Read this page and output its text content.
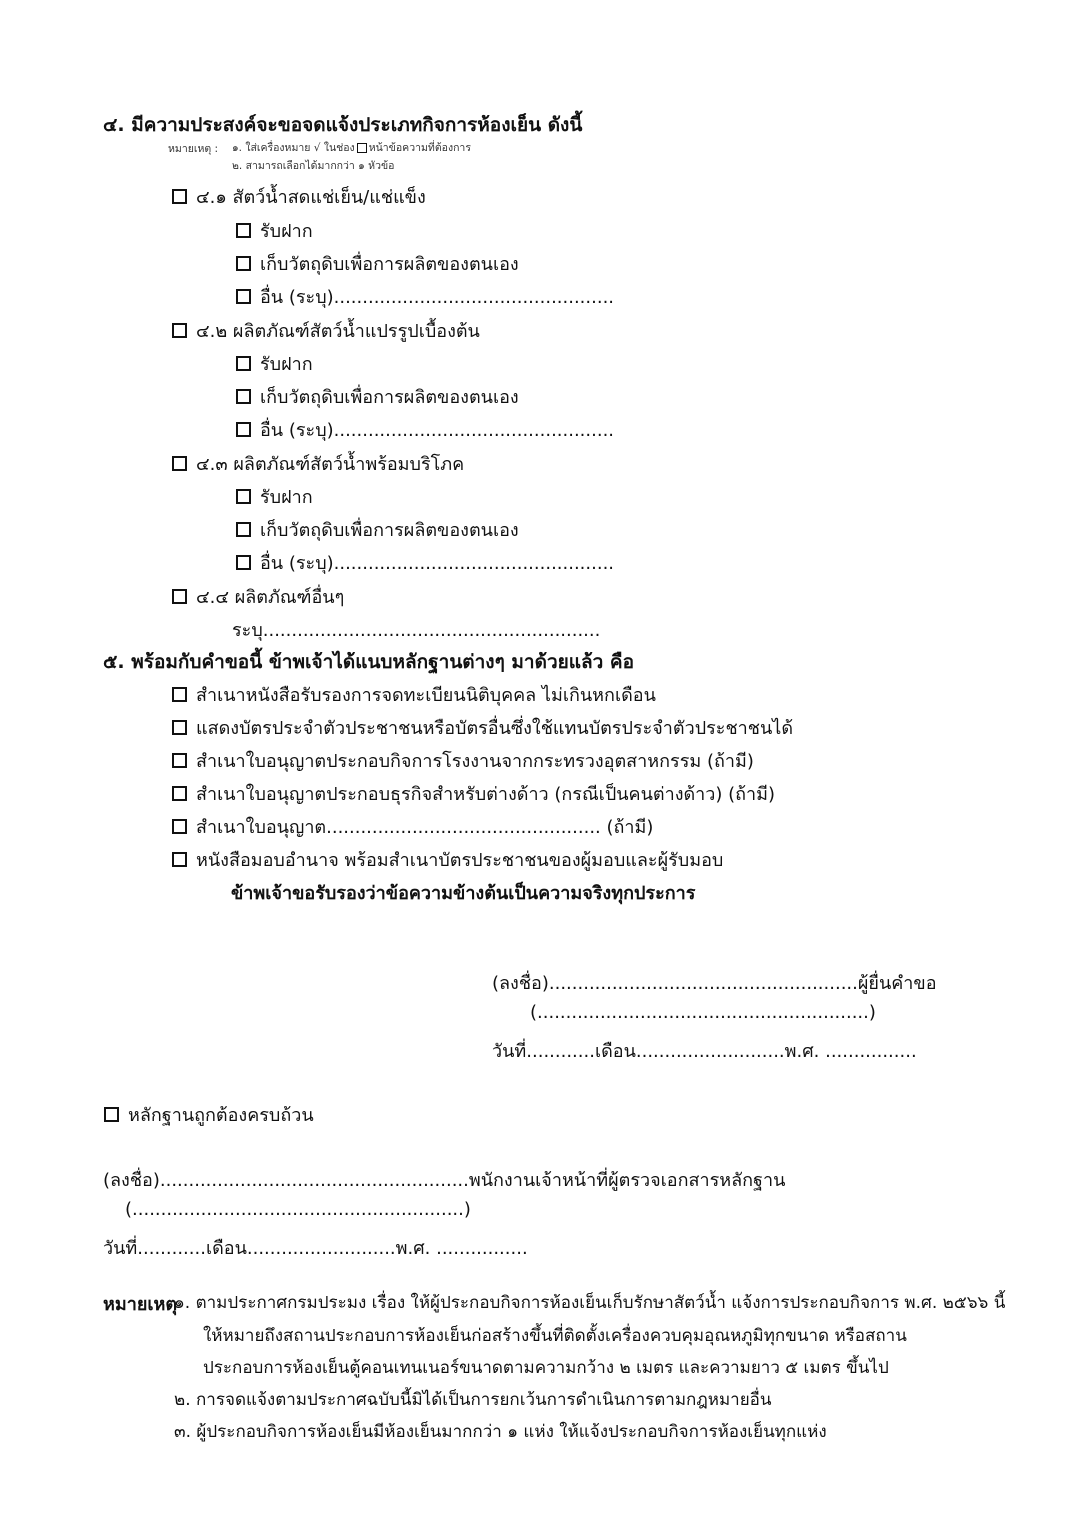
๔. มีความประสงค์จะขอจดแจ้งประเภทกิจการห้องเย็น ดังนี้
หมายเหตุ : ๑. ใส่เครื่องหมาย √ ในช่อง หน้าข้อความที่ต้องการ
๒. สามารถเลือกได้มากกว่า ๑ หัวข้อ
๔.๑ สัตว์น้ำสดแช่เย็น/แช่แข็ง
รับฝาก
เก็บวัตถุดิบเพื่อการผลิตของตนเอง
อื่น (ระบุ).................................................
๔.๒ ผลิตภัณฑ์สัตว์น้ำแปรรูปเบื้องต้น
รับฝาก
เก็บวัตถุดิบเพื่อการผลิตของตนเอง
อื่น (ระบุ).................................................
๔.๓ ผลิตภัณฑ์สัตว์น้ำพร้อมบริโภค
รับฝาก
เก็บวัตถุดิบเพื่อการผลิตของตนเอง
อื่น (ระบุ).................................................
๔.๔ ผลิตภัณฑ์อื่นๆ
ระบุ...........................................................
๕. พร้อมกับคำขอนี้ ข้าพเจ้าได้แนบหลักฐานต่างๆ มาด้วยแล้ว คือ
สำเนาหนังสือรับรองการจดทะเบียนนิติบุคคล ไม่เกินหกเดือน
แสดงบัตรประจำตัวประชาชนหรือบัตรอื่นซึ่งใช้แทนบัตรประจำตัวประชาชนได้
สำเนาใบอนุญาตประกอบกิจการโรงงานจากกระทรวงอุตสาหกรรม (ถ้ามี)
สำเนาใบอนุญาตประกอบธุรกิจสำหรับต่างด้าว (กรณีเป็นคนต่างด้าว) (ถ้ามี)
สำเนาใบอนุญาต................................................ (ถ้ามี)
หนังสือมอบอำนาจ พร้อมสำเนาบัตรประชาชนของผู้มอบและผู้รับมอบ
ข้าพเจ้าขอรับรองว่าข้อความข้างต้นเป็นความจริงทุกประการ
(ลงชื่อ)......................................................ผู้ยื่นคำขอ
(..........................................................)
วันที่............เดือน..........................พ.ศ. ................
หลักฐานถูกต้องครบถ้วน
(ลงชื่อ)......................................................พนักงานเจ้าหน้าที่ผู้ตรวจเอกสารหลักฐาน
(..........................................................)
วันที่............เดือน..........................พ.ศ. ................
หมายเหตุ
๑. ตามประกาศกรมประมง เรื่อง ให้ผู้ประกอบกิจการห้องเย็นเก็บรักษาสัตว์น้ำ แจ้งการประกอบกิจการ พ.ศ. ๒๕๖๖ นี้
ให้หมายถึงสถานประกอบการห้องเย็นก่อสร้างขึ้นที่ติดตั้งเครื่องควบคุมอุณหภูมิทุกขนาด หรือสถาน
ประกอบการห้องเย็นตู้คอนเทนเนอร์ขนาดตามความกว้าง ๒ เมตร และความยาว ๕ เมตร ขึ้นไป
๒. การจดแจ้งตามประกาศฉบับนี้มิได้เป็นการยกเว้นการดำเนินการตามกฎหมายอื่น
๓. ผู้ประกอบกิจการห้องเย็นมีห้องเย็นมากกว่า ๑ แห่ง ให้แจ้งประกอบกิจการห้องเย็นทุกแห่ง
